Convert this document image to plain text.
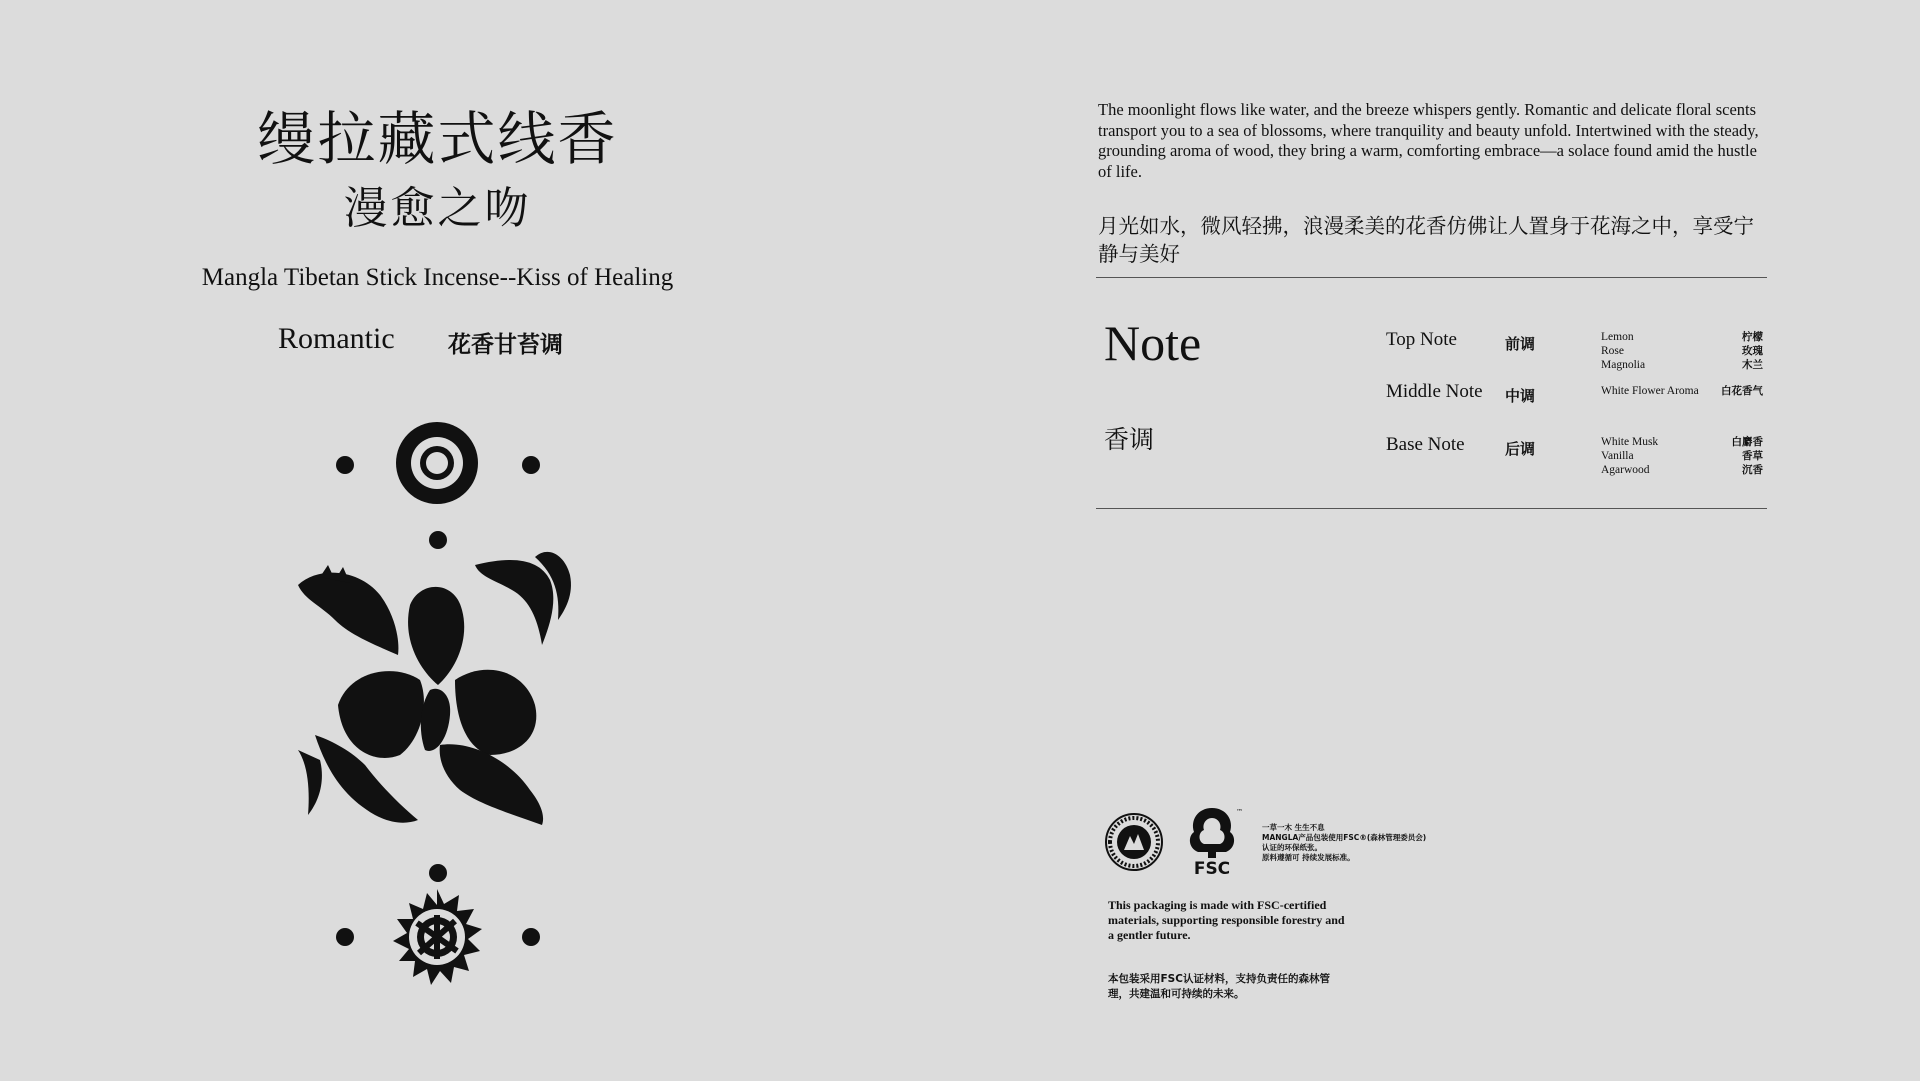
缦拉藏式线香
漫愈之吻
Mangla Tibetan Stick Incense--Kiss of Healing
Romantic 花香甘苔调
The moonlight flows like water, and the breeze whispers gently. Romantic and delicate floral scents transport you to a sea of blossoms, where tranquility and beauty unfold. Intertwined with the steady, grounding aroma of wood, they bring a warm, comforting embrace—a solace found amid the hustle of life.
月光如水，微风轻拂，浪漫柔美的花香仿佛让人置身于花海之中，享受宁静与美好
Note
香调
Top Note	前调	Lemon	柠檬
Rose	玫瑰
Magnolia	木兰
Middle Note 中调	White Flower Aroma 白花香气
Base Note	后调	White Musk	白麝香
Vanilla	香草
Agarwood	沉香
FSC
™
一草一木 生生不息
MANGLA产品包装使用FSC®(森林管理委员会)
认证的环保纸张。
原料遵循可 持续发展标准。
This packaging is made with FSC-certified materials, supporting responsible forestry and a gentler future.
本包装采用FSC认证材料，支持负责任的森林管理，共建温和可持续的未来。
